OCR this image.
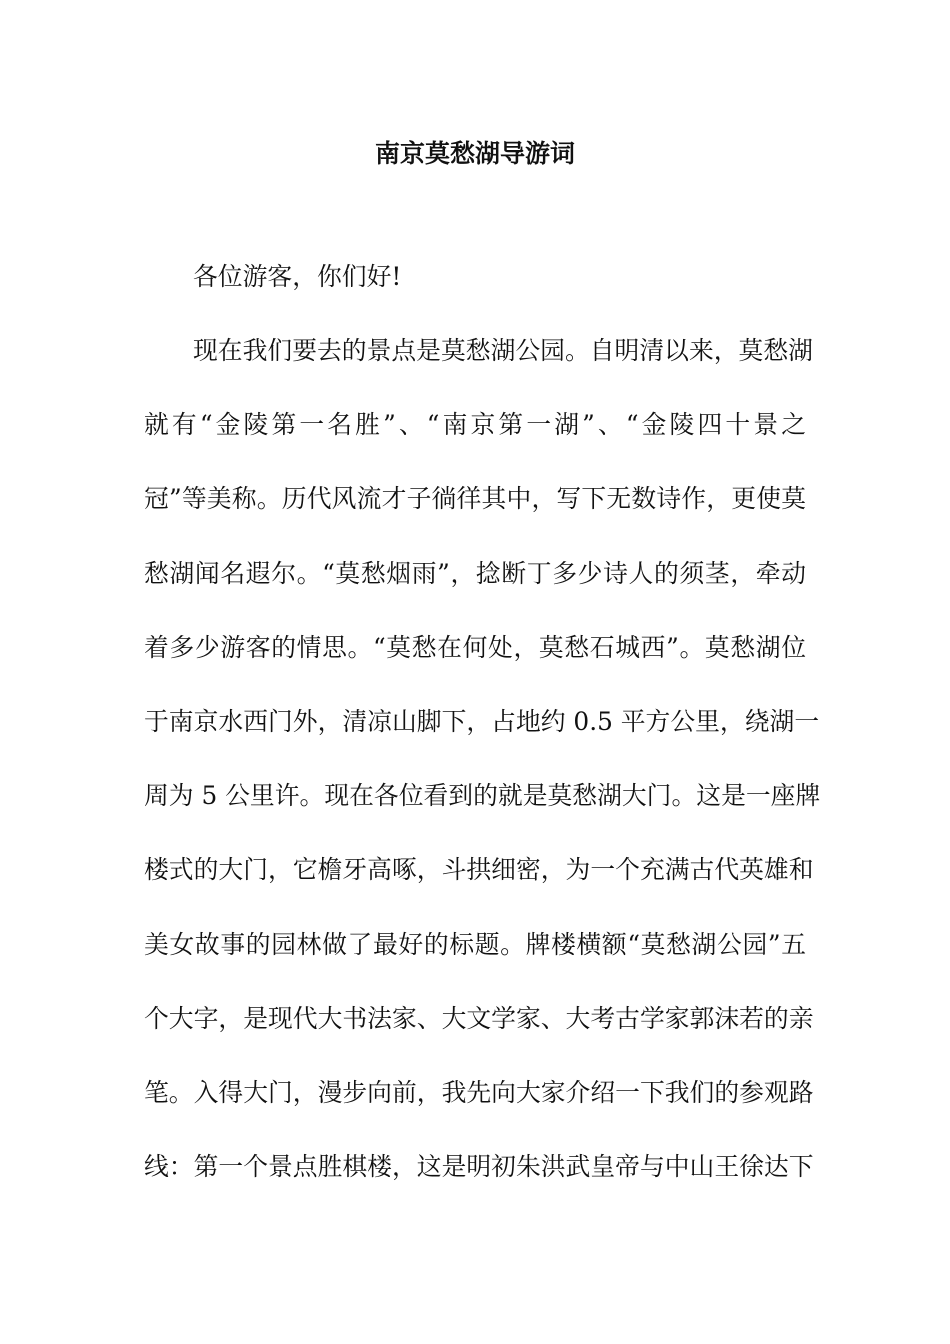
南京莫愁湖导游词
各位游客，你们好!
现在我们要去的景点是莫愁湖公园。自明清以来，莫愁湖
就有“金陵第一名胜”、“南京第一湖”、“金陵四十景之
冠”等美称。历代风流才子徜徉其中，写下无数诗作，更使莫
愁湖闻名遐尔。“莫愁烟雨”，捻断丁多少诗人的须茎，牵动
着多少游客的情思。“莫愁在何处，莫愁石城西”。莫愁湖位
于南京水西门外，清凉山脚下，占地约 0.5 平方公里，绕湖一
周为 5 公里许。现在各位看到的就是莫愁湖大门。这是一座牌
楼式的大门，它檐牙高啄，斗拱细密，为一个充满古代英雄和
美女故事的园林做了最好的标题。牌楼横额“莫愁湖公园”五
个大字，是现代大书法家、大文学家、大考古学家郭沫若的亲
笔。入得大门，漫步向前，我先向大家介绍一下我们的参观路
线：第一个景点胜棋楼，这是明初朱洪武皇帝与中山王徐达下
